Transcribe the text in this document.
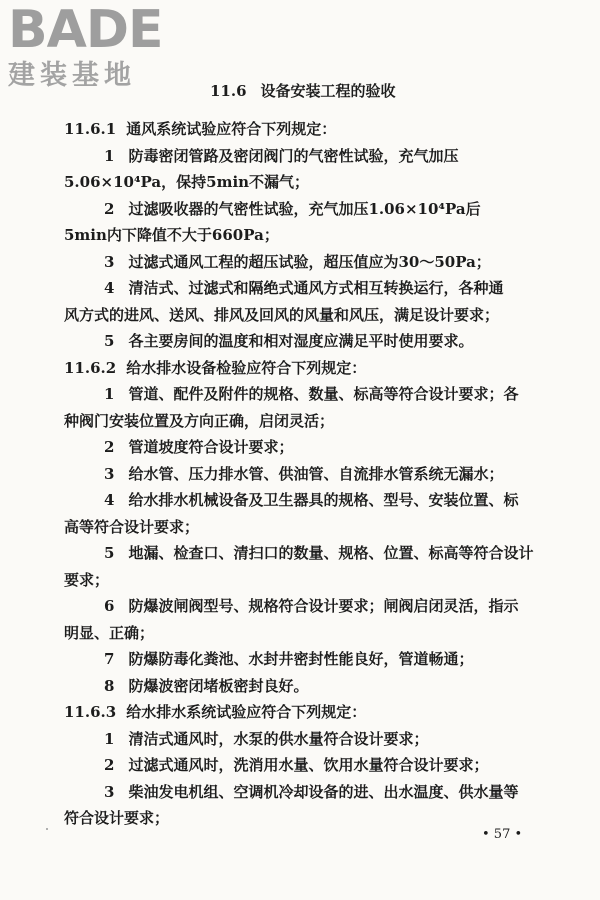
BADE
建装基地	11.6 设备安装工程的验收
11.6.1 通风系统试验应符合下列规定：
1 防毒密闭管路及密闭阀门的气密性试验，充气加压
5.06×10⁴Pa，保持5min不漏气；
2 过滤吸收器的气密性试验，充气加压1.06×10⁴Pa后
5min内下降值不大于660Pa；
3 过滤式通风工程的超压试验，超压值应为30～50Pa；
4 清洁式、过滤式和隔绝式通风方式相互转换运行，各种通
风方式的进风、送风、排风及回风的风量和风压，满足设计要求；
5 各主要房间的温度和相对湿度应满足平时使用要求。
11.6.2 给水排水设备检验应符合下列规定：
1 管道、配件及附件的规格、数量、标高等符合设计要求；各
种阀门安装位置及方向正确，启闭灵活；
2 管道坡度符合设计要求；
3 给水管、压力排水管、供油管、自流排水管系统无漏水；
4 给水排水机械设备及卫生器具的规格、型号、安装位置、标
高等符合设计要求；
5 地漏、检查口、清扫口的数量、规格、位置、标高等符合设计
要求；
6 防爆波闸阀型号、规格符合设计要求；闸阀启闭灵活，指示
明显、正确；
7 防爆防毒化粪池、水封井密封性能良好，管道畅通；
8 防爆波密闭堵板密封良好。
11.6.3 给水排水系统试验应符合下列规定：
1 清洁式通风时，水泵的供水量符合设计要求；
2 过滤式通风时，洗消用水量、饮用水量符合设计要求；
3 柴油发电机组、空调机冷却设备的进、出水温度、供水量等
符合设计要求；
• 57 •
